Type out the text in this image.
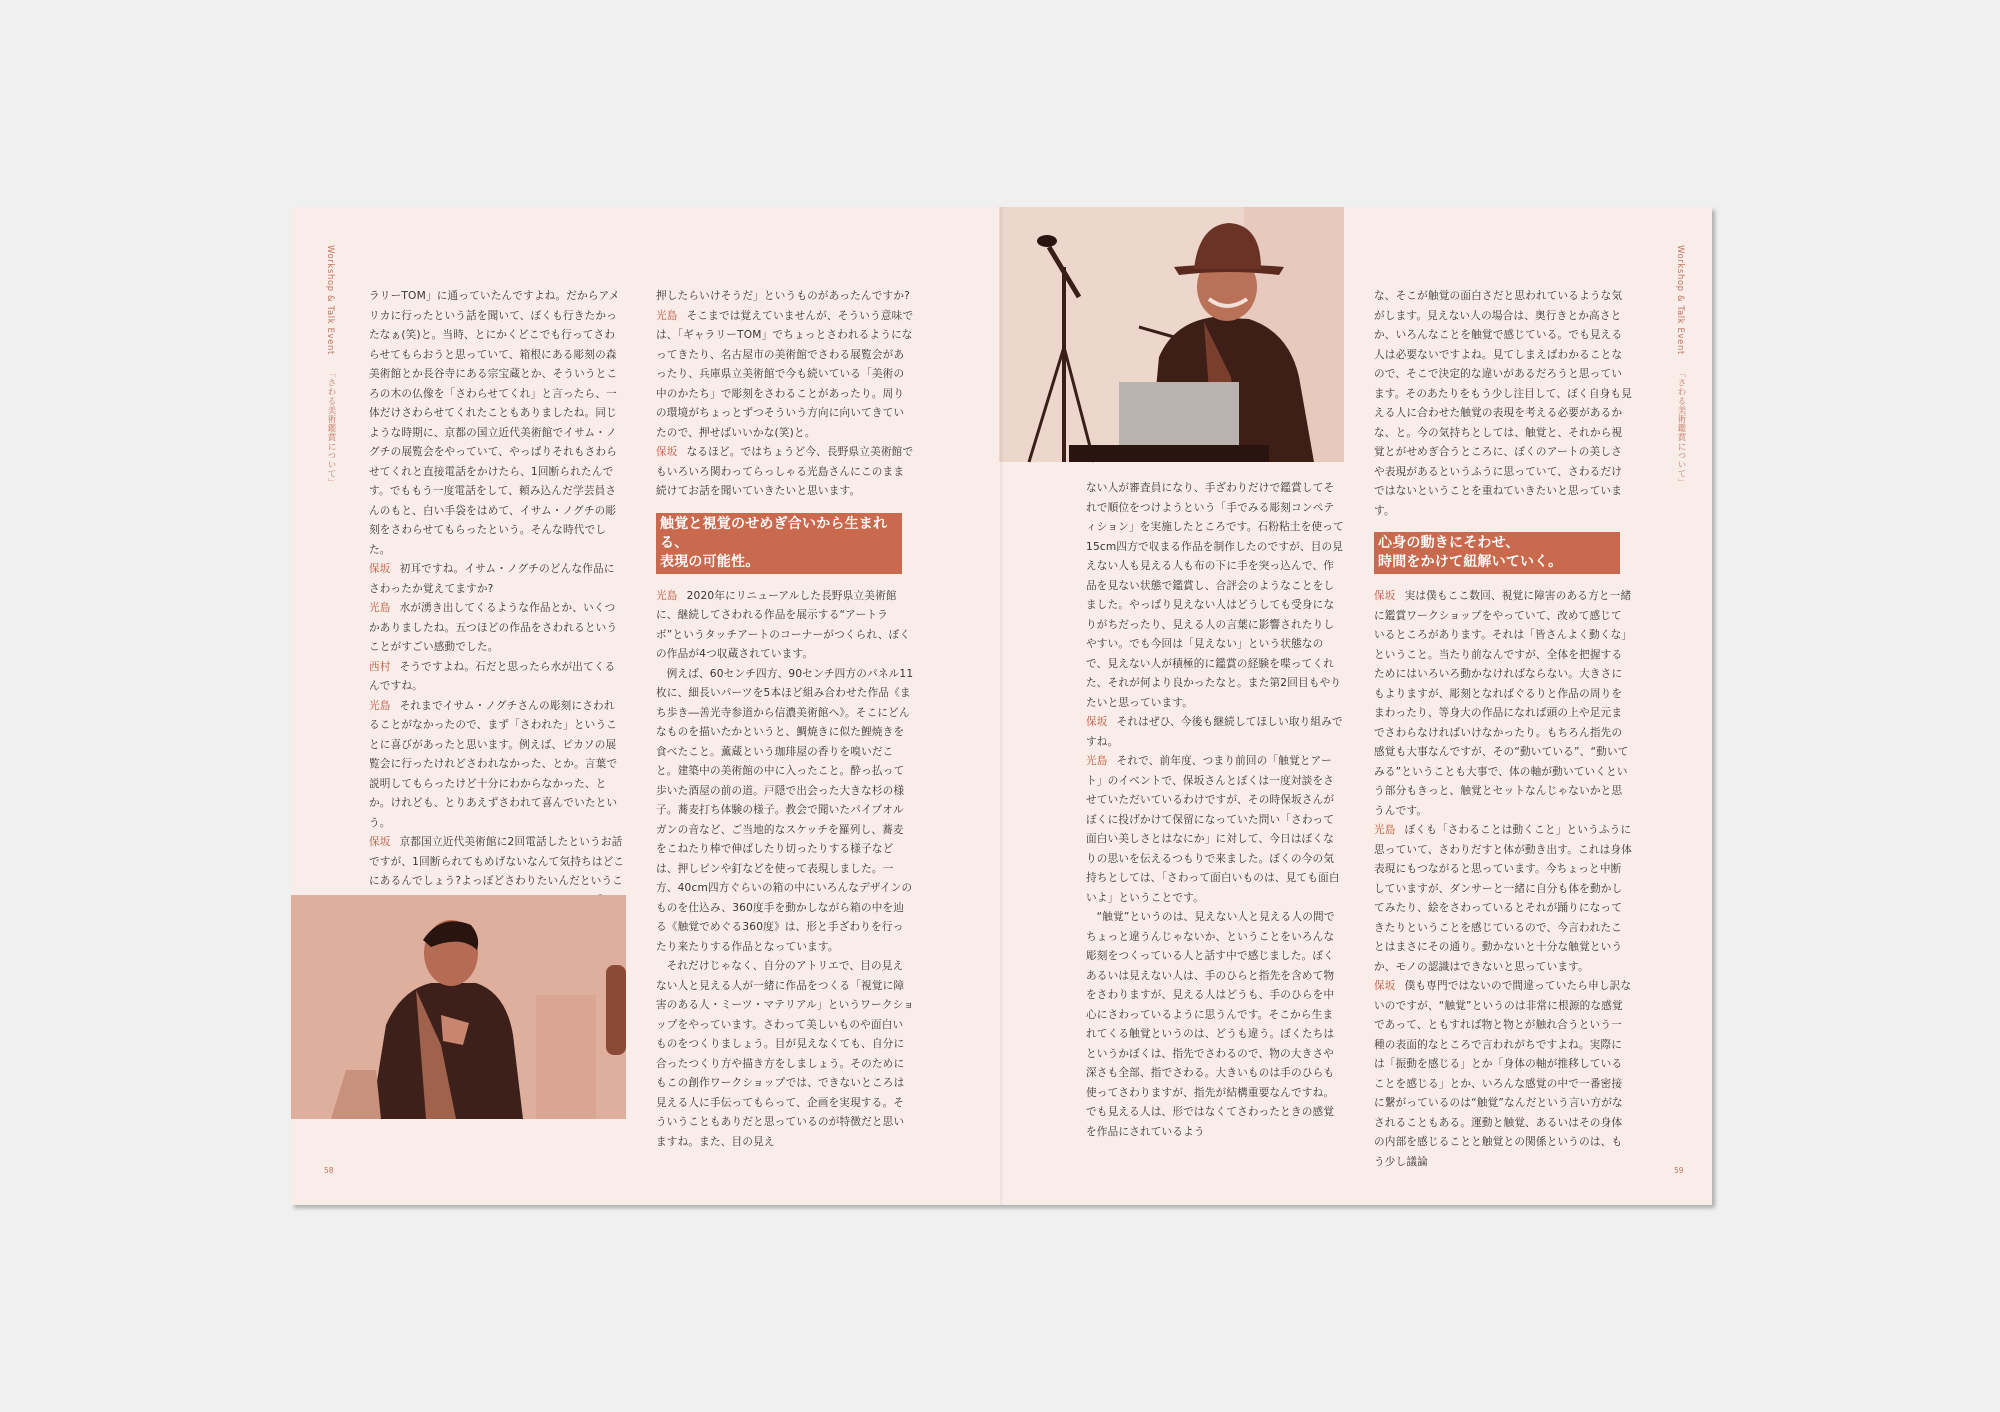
Workshop & Talk Event
「さわる美術鑑賞について」
Workshop & Talk Event
「さわる美術鑑賞について」

ラリーTOM」に通っていたんですよね。だからアメリカに行ったという話を聞いて、ぼくも行きたかったなぁ(笑)と。当時、とにかくどこでも行ってさわらせてもらおうと思っていて、箱根にある彫刻の森美術館とか長谷寺にある宗宝蔵とか、そういうところの木の仏像を「さわらせてくれ」と言ったら、一体だけさわらせてくれたこともありましたね。同じような時期に、京都の国立近代美術館でイサム・ノグチの展覧会をやっていて、やっぱりそれもさわらせてくれと直接電話をかけたら、1回断られたんです。でももう一度電話をして、頼み込んだ学芸員さんのもと、白い手袋をはめて、イサム・ノグチの彫刻をさわらせてもらったという。そんな時代でした。

保坂 初耳ですね。イサム・ノグチのどんな作品にさわったか覚えてますか?

光島 水が湧き出してくるような作品とか、いくつかありましたね。五つほどの作品をさわれるということがすごい感動でした。

西村 そうですよね。石だと思ったら水が出てくるんですね。

光島 それまでイサム・ノグチさんの彫刻にさわれることがなかったので、まず「さわれた」ということに喜びがあったと思います。例えば、ピカソの展覧会に行ったけれどさわれなかった、とか。言葉で説明してもらったけど十分にわからなかった、とか。けれども、とりあえずさわれて喜んでいたという。

保坂 京都国立近代美術館に2回電話したというお話ですが、1回断られてもめげないなんて気持ちはどこにあるんでしょう?よっぽどさわりたいんだというこ

押したらいけそうだ」というものがあったんですか?

光島 そこまでは覚えていませんが、そういう意味では、「ギャラリーTOM」でちょっとさわれるようになってきたり、名古屋市の美術館でさわる展覧会があったり、兵庫県立美術館で今も続いている「美術の中のかたち」で彫刻をさわることがあったり。周りの環境がちょっとずつそういう方向に向いてきていたので、押せばいいかな(笑)と。

保坂 なるほど。ではちょうど今、長野県立美術館でもいろいろ関わってらっしゃる光島さんにこのまま続けてお話を聞いていきたいと思います。

触覚と視覚のせめぎ合いから生まれる、
表現の可能性。

光島 2020年にリニューアルした長野県立美術館に、継続してさわれる作品を展示する“アートラボ”というタッチアートのコーナーがつくられ、ぼくの作品が4つ収蔵されています。

例えば、60センチ四方、90センチ四方のパネル11枚に、細長いパーツを5本ほど組み合わせた作品《まち歩き―善光寺参道から信濃美術館へ》。そこにどんなものを描いたかというと、鯛焼きに似た鯉焼きを食べたこと。薫蔵という珈琲屋の香りを嗅いだこと。建築中の美術館の中に入ったこと。酔っ払って歩いた酒屋の前の道。戸隠で出会った大きな杉の様子。蕎麦打ち体験の様子。教会で聞いたパイプオルガンの音など、ご当地的なスケッチを羅列し、蕎麦をこねたり棒で伸ばしたり切ったりする様子などは、押しピンや釘などを使って表現しました。一方、40cm四方ぐらいの箱の中にいろんなデザインのものを仕込み、360度手を動かしながら箱の中を辿る《触覚でめぐる360度》は、形と手ざわりを行ったり来たりする作品となっています。

それだけじゃなく、自分のアトリエで、目の見えない人と見える人が一緒に作品をつくる「視覚に障害のある人・ミーツ・マテリアル」というワークショップをやっています。さわって美しいものや面白いものをつくりましょう。目が見えなくても、自分に合ったつくり方や描き方をしましょう。そのためにもこの創作ワークショップでは、できないところは見える人に手伝ってもらって、企画を実現する。そういうこともありだと思っているのが特徴だと思いますね。また、目の見え

ない人が審査員になり、手ざわりだけで鑑賞してそれで順位をつけようという「手でみる彫刻コンペティション」を実施したところです。石粉粘土を使って15cm四方で収まる作品を制作したのですが、目の見えない人も見える人も布の下に手を突っ込んで、作品を見ない状態で鑑賞し、合評会のようなことをしました。やっぱり見えない人はどうしても受身になりがちだったり、見える人の言葉に影響されたりしやすい。でも今回は「見えない」という状態なので、見えない人が積極的に鑑賞の経験を喋ってくれた、それが何より良かったなと。また第2回目もやりたいと思っています。

保坂 それはぜひ、今後も継続してほしい取り組みですね。

光島 それで、前年度、つまり前回の「触覚とアート」のイベントで、保坂さんとぼくは一度対談をさせていただいているわけですが、その時保坂さんがぼくに投げかけて保留になっていた問い「さわって面白い美しさとはなにか」に対して、今日はぼくなりの思いを伝えるつもりで来ました。ぼくの今の気持ちとしては、「さわって面白いものは、見ても面白いよ」ということです。

“触覚”というのは、見えない人と見える人の間でちょっと違うんじゃないか、ということをいろんな彫刻をつくっている人と話す中で感じました。ぼくあるいは見えない人は、手のひらと指先を含めて物をさわりますが、見える人はどうも、手のひらを中心にさわっているように思うんです。そこから生まれてくる触覚というのは、どうも違う。ぼくたちはというかぼくは、指先でさわるので、物の大きさや深さも全部、指でさわる。大きいものは手のひらも使ってさわりますが、指先が結構重要なんですね。でも見える人は、形ではなくてさわったときの感覚を作品にされているよう

な、そこが触覚の面白さだと思われているような気がします。見えない人の場合は、奥行きとか高さとか、いろんなことを触覚で感じている。でも見える人は必要ないですよね。見てしまえばわかることなので、そこで決定的な違いがあるだろうと思っています。そのあたりをもう少し注目して、ぼく自身も見える人に合わせた触覚の表現を考える必要があるかな、と。今の気持ちとしては、触覚と、それから視覚とがせめぎ合うところに、ぼくのアートの美しさや表現があるというふうに思っていて、さわるだけではないということを重ねていきたいと思っています。

心身の動きにそわせ、
時間をかけて紐解いていく。

保坂 実は僕もここ数回、視覚に障害のある方と一緒に鑑賞ワークショップをやっていて、改めて感じているところがあります。それは「皆さんよく動くな」ということ。当たり前なんですが、全体を把握するためにはいろいろ動かなければならない。大きさにもよりますが、彫刻となればぐるりと作品の周りをまわったり、等身大の作品になれば頭の上や足元までさわらなければいけなかったり。もちろん指先の感覚も大事なんですが、その“動いている”、“動いてみる”ということも大事で、体の軸が動いていくという部分もきっと、触覚とセットなんじゃないかと思うんです。

光島 ぼくも「さわることは動くこと」というふうに思っていて、さわりだすと体が動き出す。これは身体表現にもつながると思っています。今ちょっと中断していますが、ダンサーと一緒に自分も体を動かしてみたり、絵をさわっているとそれが踊りになってきたりということを感じているので、今言われたことはまさにその通り。動かないと十分な触覚というか、モノの認識はできないと思っています。

保坂 僕も専門ではないので間違っていたら申し訳ないのですが、“触覚”というのは非常に根源的な感覚であって、ともすれば物と物とが触れ合うという一種の表面的なところで言われがちですよね。実際には「振動を感じる」とか「身体の軸が推移していることを感じる」とか、いろんな感覚の中で一番密接に繋がっているのは“触覚”なんだという言い方がなされることもある。運動と触覚、あるいはその身体の内部を感じることと触覚との関係というのは、もう少し議論

58	59
